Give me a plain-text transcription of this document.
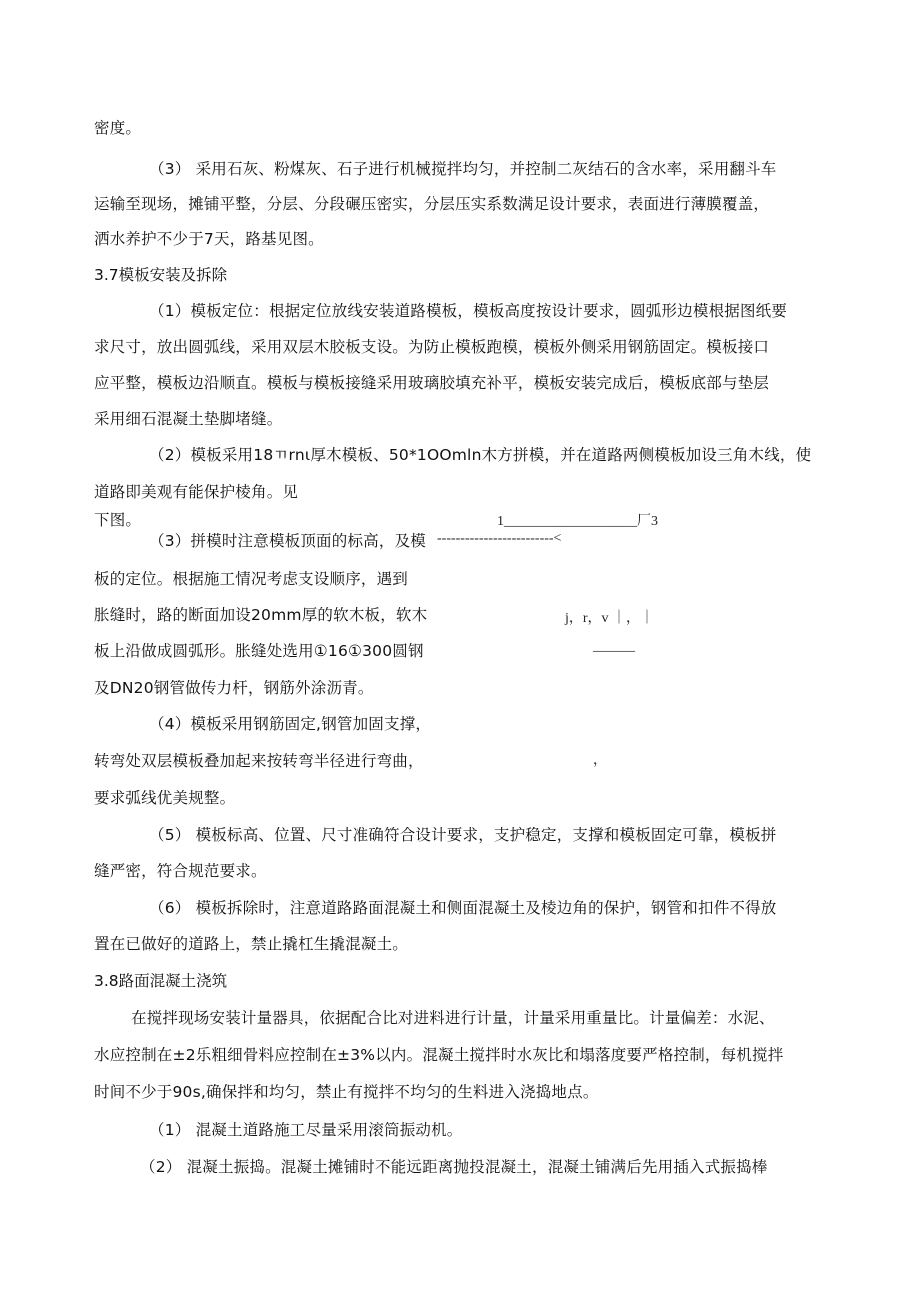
密度。
（3） 采用石灰、粉煤灰、石子进行机械搅拌均匀，并控制二灰结石的含水率，采用翻斗车
运输至现场，摊铺平整，分层、分段碾压密实，分层压实系数满足设计要求，表面进行薄膜覆盖，
洒水养护不少于7天，路基见图。
3.7模板安装及拆除
（1）模板定位：根据定位放线安装道路模板，模板高度按设计要求，圆弧形边模根据图纸要
求尺寸，放出圆弧线，采用双层木胶板支设。为防止模板跑模，模板外侧采用钢筋固定。模板接口
应平整，模板边沿顺直。模板与模板接缝采用玻璃胶填充补平，模板安装完成后，模板底部与垫层
采用细石混凝土垫脚堵缝。
（2）模板采用18ㄲrnι厚木模板、50*1OOmln木方拼模，并在道路两侧模板加设三角木线，使
道路即美观有能保护棱角。见
下图。	1___________________厂3
（3）拼模时注意模板顶面的标高，及模 -------------------------<
板的定位。根据施工情况考虑支设顺序，遇到
胀缝时，路的断面加设20mm厚的软木板，软木	j，r，v ｜，｜
板上沿做成圆弧形。胀缝处选用①16①300圆钢	______
及DN20钢管做传力杆，钢筋外涂沥青。
（4）模板采用钢筋固定,钢管加固支撑，
转弯处双层模板叠加起来按转弯半径进行弯曲，	，
要求弧线优美规整。
（5） 模板标高、位置、尺寸准确符合设计要求，支护稳定，支撑和模板固定可靠，模板拼
缝严密，符合规范要求。
（6） 模板拆除时，注意道路路面混凝土和侧面混凝土及棱边角的保护，钢管和扣件不得放
置在已做好的道路上，禁止撬杠生撬混凝土。
3.8路面混凝土浇筑
在搅拌现场安装计量器具，依据配合比对进料进行计量，计量采用重量比。计量偏差：水泥、
水应控制在±2乐粗细骨料应控制在±3%以内。混凝土搅拌时水灰比和塌落度要严格控制，每机搅拌
时间不少于90s,确保拌和均匀，禁止有搅拌不均匀的生料进入浇捣地点。
（1） 混凝土道路施工尽量采用滚筒振动机。
（2） 混凝土振捣。混凝土摊铺时不能远距离抛投混凝土，混凝土铺满后先用插入式振捣棒
